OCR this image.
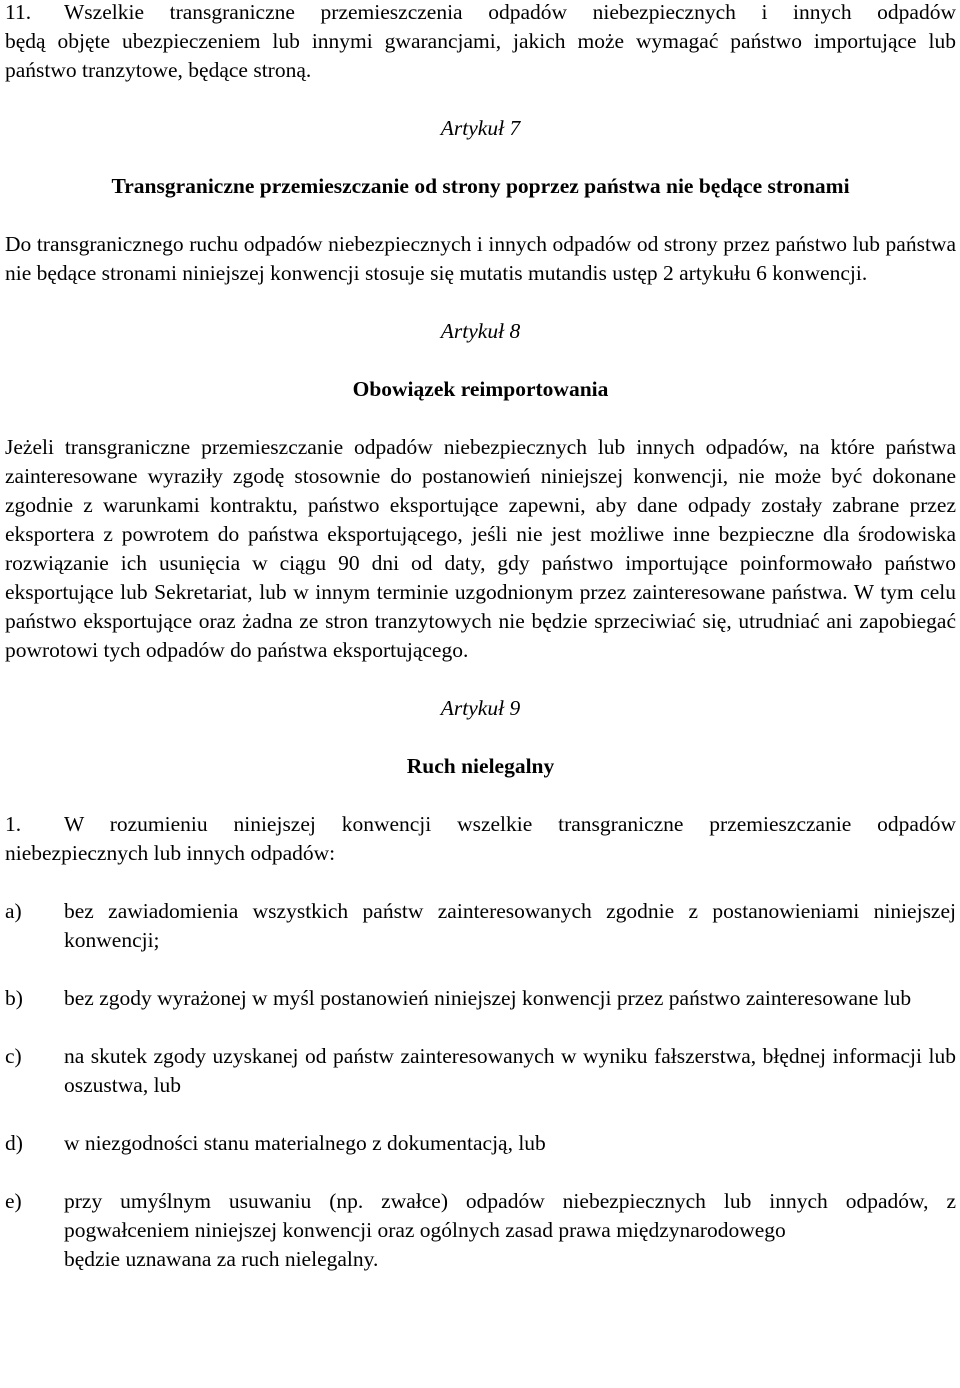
11.	Wszelkie transgraniczne przemieszczenia odpadów niebezpiecznych i innych odpadów
będą objęte ubezpieczeniem lub innymi gwarancjami, jakich może wymagać państwo importujące lub państwo tranzytowe, będące stroną.
Artykuł 7
Transgraniczne przemieszczanie od strony poprzez państwa nie będące stronami
Do transgranicznego ruchu odpadów niebezpiecznych i innych odpadów od strony przez państwo lub państwa nie będące stronami niniejszej konwencji stosuje się mutatis mutandis ustęp 2 artykułu 6 konwencji.
Artykuł 8
Obowiązek reimportowania
Jeżeli transgraniczne przemieszczanie odpadów niebezpiecznych lub innych odpadów, na które państwa zainteresowane wyraziły zgodę stosownie do postanowień niniejszej konwencji, nie może być dokonane zgodnie z warunkami kontraktu, państwo eksportujące zapewni, aby dane odpady zostały zabrane przez eksportera z powrotem do państwa eksportującego, jeśli nie jest możliwe inne bezpieczne dla środowiska rozwiązanie ich usunięcia w ciągu 90 dni od daty, gdy państwo importujące poinformowało państwo eksportujące lub Sekretariat, lub w innym terminie uzgodnionym przez zainteresowane państwa. W tym celu państwo eksportujące oraz żadna ze stron tranzytowych nie będzie sprzeciwiać się, utrudniać ani zapobiegać powrotowi tych odpadów do państwa eksportującego.
Artykuł 9
Ruch nielegalny
1.	W rozumieniu niniejszej konwencji wszelkie transgraniczne przemieszczanie odpadów
niebezpiecznych lub innych odpadów:
a)	bez zawiadomienia wszystkich państw zainteresowanych zgodnie z postanowieniami niniejszej konwencji;
b)	bez zgody wyrażonej w myśl postanowień niniejszej konwencji przez państwo zainteresowane lub
c)	na skutek zgody uzyskanej od państw zainteresowanych w wyniku fałszerstwa, błędnej informacji lub oszustwa, lub
d)	w niezgodności stanu materialnego z dokumentacją, lub
e)	przy umyślnym usuwaniu (np. zwałce) odpadów niebezpiecznych lub innych odpadów, z pogwałceniem niniejszej konwencji oraz ogólnych zasad prawa międzynarodowego
będzie uznawana za ruch nielegalny.
